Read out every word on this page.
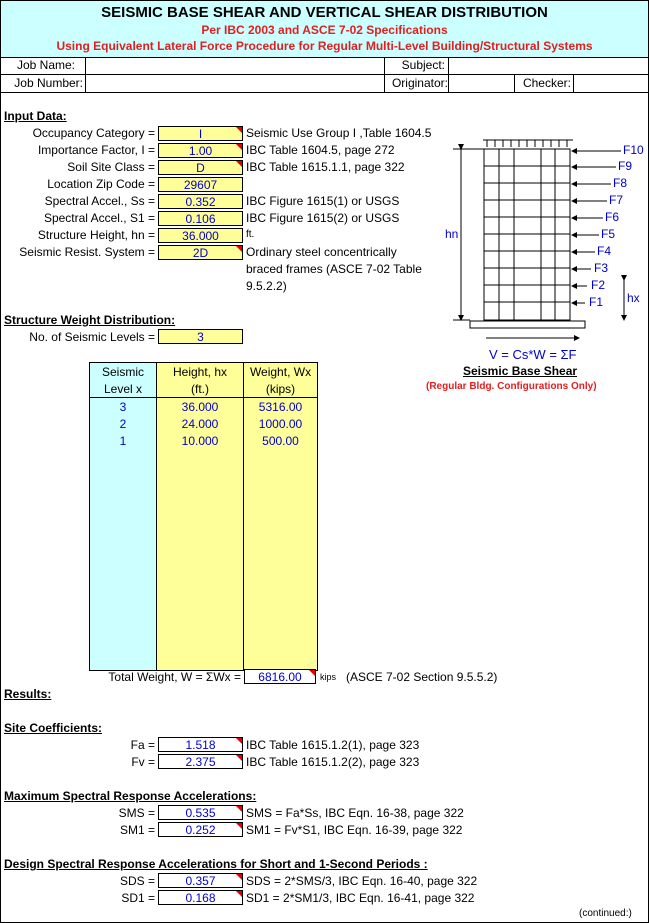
SEISMIC BASE SHEAR AND VERTICAL SHEAR DISTRIBUTION
Per IBC 2003 and ASCE 7-02 Specifications
Using Equivalent Lateral Force Procedure for Regular Multi-Level Building/Structural Systems
Job Name:	Subject:
Job Number:	Originator:	Checker:
Input Data:
Occupancy Category =	I	Seismic Use Group I ,Table 1604.5
Importance Factor, I =	1.00	IBC Table 1604.5, page 272
Soil Site Class =	D	IBC Table 1615.1.1, page 322
Location Zip Code =	29607
Spectral Accel., Ss =	0.352	IBC Figure 1615(1) or USGS
Spectral Accel., S1 =	0.106	IBC Figure 1615(2) or USGS
Structure Height, hn =	36.000	ft.
Seismic Resist. System =	2D	Ordinary steel concentrically
braced frames (ASCE 7-02 Table
9.5.2.2)
F10
F9
F8
F7
F6
F5
F4
F3
F2
F1
hn
hx
V = Cs*W = ΣF
Seismic Base Shear
(Regular Bldg. Configurations Only)
Structure Weight Distribution:
No. of Seismic Levels =	3
Seismic	Height, hx	Weight, Wx
Level x	(ft.)	(kips)
3	36.000	5316.00
2	24.000	1000.00
1	10.000	500.00

Total Weight, W = ΣWx =	6816.00	kips (ASCE 7-02 Section 9.5.5.2)
Results:
Site Coefficients:
Fa =	1.518	IBC Table 1615.1.2(1), page 323
Fv =	2.375	IBC Table 1615.1.2(2), page 323
Maximum Spectral Response Accelerations:
SMS =	0.535	SMS = Fa*Ss, IBC Eqn. 16-38, page 322
SM1 =	0.252	SM1 = Fv*S1, IBC Eqn. 16-39, page 322
Design Spectral Response Accelerations for Short and 1-Second Periods :
SDS =	0.357	SDS = 2*SMS/3, IBC Eqn. 16-40, page 322
SD1 =	0.168	SD1 = 2*SM1/3, IBC Eqn. 16-41, page 322
(continued:)
